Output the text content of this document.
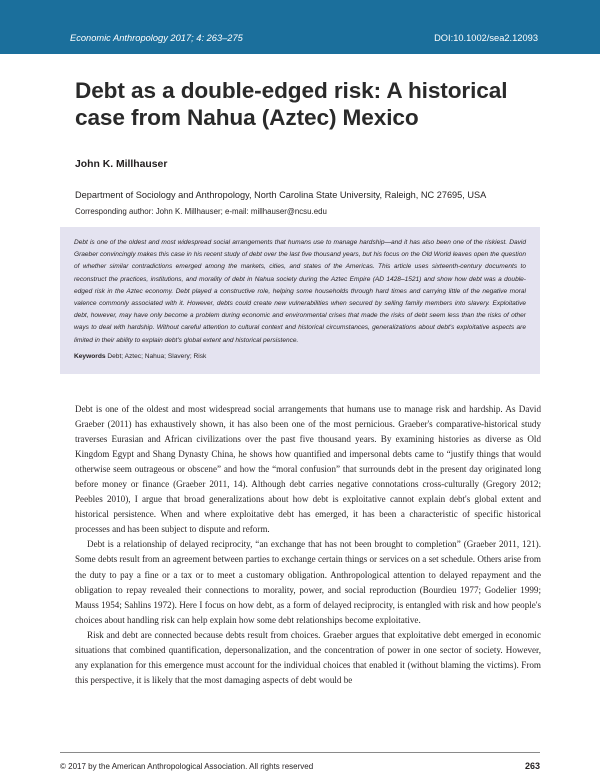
Economic Anthropology 2017; 4: 263–275	DOI:10.1002/sea2.12093
Debt as a double-edged risk: A historical case from Nahua (Aztec) Mexico
John K. Millhauser
Department of Sociology and Anthropology, North Carolina State University, Raleigh, NC 27695, USA
Corresponding author: John K. Millhauser; e-mail: millhauser@ncsu.edu

Debt is one of the oldest and most widespread social arrangements that humans use to manage hardship—and it has also been one of the riskiest. David Graeber convincingly makes this case in his recent study of debt over the last five thousand years, but his focus on the Old World leaves open the question of whether similar contradictions emerged among the markets, cities, and states of the Americas. This article uses sixteenth-century documents to reconstruct the practices, institutions, and morality of debt in Nahua society during the Aztec Empire (AD 1428–1521) and show how debt was a double-edged risk in the Aztec economy. Debt played a constructive role, helping some households through hard times and carrying little of the negative moral valence commonly associated with it. However, debts could create new vulnerabilities when secured by selling family members into slavery. Exploitative debt, however, may have only become a problem during economic and environmental crises that made the risks of debt seem less than the risks of other ways to deal with hardship. Without careful attention to cultural context and historical circumstances, generalizations about debt's exploitative aspects are limited in their ability to explain debt's global extent and historical persistence.

Keywords Debt; Aztec; Nahua; Slavery; Risk

Debt is one of the oldest and most widespread social arrangements that humans use to manage risk and hardship. As David Graeber (2011) has exhaustively shown, it has also been one of the most pernicious. Graeber's comparative-historical study traverses Eurasian and African civilizations over the past five thousand years. By examining histories as diverse as Old Kingdom Egypt and Shang Dynasty China, he shows how quantified and impersonal debts came to “justify things that would otherwise seem outrageous or obscene” and how the “moral confusion” that surrounds debt in the present day originated long before money or finance (Graeber 2011, 14). Although debt carries negative connotations cross-culturally (Gregory 2012; Peebles 2010), I argue that broad generalizations about how debt is exploitative cannot explain debt's global extent and historical persistence. When and where exploitative debt has emerged, it has been a characteristic of specific historical processes and has been subject to dispute and reform.

Debt is a relationship of delayed reciprocity, “an exchange that has not been brought to completion” (Graeber 2011, 121). Some debts result from an agreement between parties to exchange certain things or services on a set schedule. Others arise from the duty to pay a fine or a tax or to meet a customary obligation. Anthropological attention to delayed repayment and the obligation to repay revealed their connections to morality, power, and social reproduction (Bourdieu 1977; Godelier 1999; Mauss 1954; Sahlins 1972). Here I focus on how debt, as a form of delayed reciprocity, is entangled with risk and how people's choices about handling risk can help explain how some debt relationships become exploitative.

Risk and debt are connected because debts result from choices. Graeber argues that exploitative debt emerged in economic situations that combined quantification, depersonalization, and the concentration of power in one sector of society. However, any explanation for this emergence must account for the individual choices that enabled it (without blaming the victims). From this perspective, it is likely that the most damaging aspects of debt would be

© 2017 by the American Anthropological Association. All rights reserved	263
